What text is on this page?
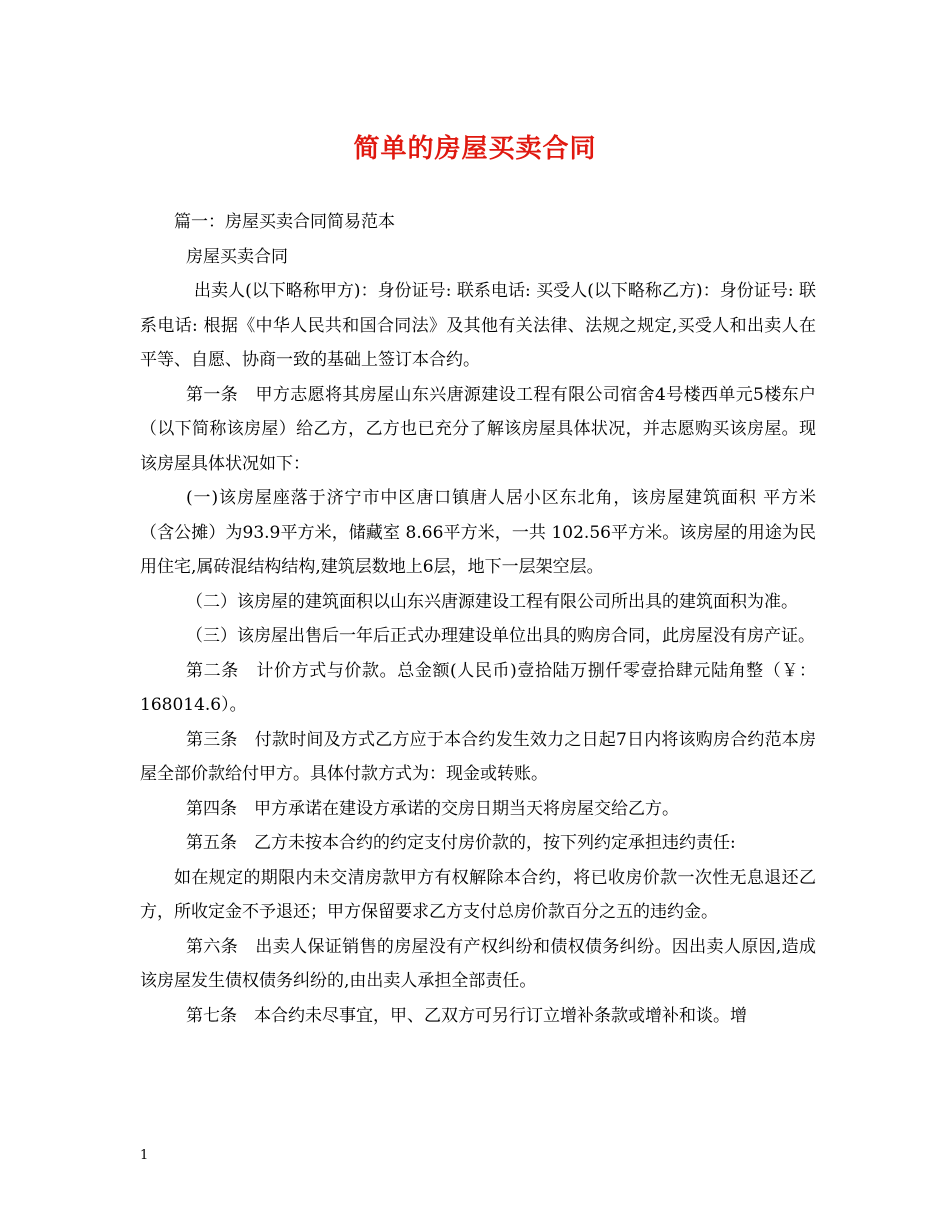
简单的房屋买卖合同

篇一：房屋买卖合同简易范本

房屋买卖合同

出卖人(以下略称甲方)：身份证号: 联系电话: 买受人(以下略称乙方)：身份证号: 联系电话: 根据《中华人民共和国合同法》及其他有关法律、法规之规定,买受人和出卖人在平等、自愿、协商一致的基础上签订本合约。

第一条　甲方志愿将其房屋山东兴唐源建设工程有限公司宿舍4号楼西单元5楼东户（以下简称该房屋）给乙方，乙方也已充分了解该房屋具体状况，并志愿购买该房屋。现该房屋具体状况如下：

(一)该房屋座落于济宁市中区唐口镇唐人居小区东北角，该房屋建筑面积 平方米（含公摊）为93.9平方米，储藏室 8.66平方米，一共 102.56平方米。该房屋的用途为民用住宅,属砖混结构结构,建筑层数地上6层，地下一层架空层。

（二）该房屋的建筑面积以山东兴唐源建设工程有限公司所出具的建筑面积为准。

（三）该房屋出售后一年后正式办理建设单位出具的购房合同，此房屋没有房产证。

第二条　计价方式与价款。总金额(人民币)壹拾陆万捌仟零壹拾肆元陆角整（￥：168014.6）。

第三条　付款时间及方式乙方应于本合约发生效力之日起7日内将该购房合约范本房屋全部价款给付甲方。具体付款方式为：现金或转账。

第四条　甲方承诺在建设方承诺的交房日期当天将房屋交给乙方。

第五条　乙方未按本合约的约定支付房价款的，按下列约定承担违约责任:

如在规定的期限内未交清房款甲方有权解除本合约，将已收房价款一次性无息退还乙方，所收定金不予退还；甲方保留要求乙方支付总房价款百分之五的违约金。

第六条　出卖人保证销售的房屋没有产权纠纷和债权债务纠纷。因出卖人原因,造成该房屋发生债权债务纠纷的,由出卖人承担全部责任。

第七条　本合约未尽事宜，甲、乙双方可另行订立增补条款或增补和谈。增

1
